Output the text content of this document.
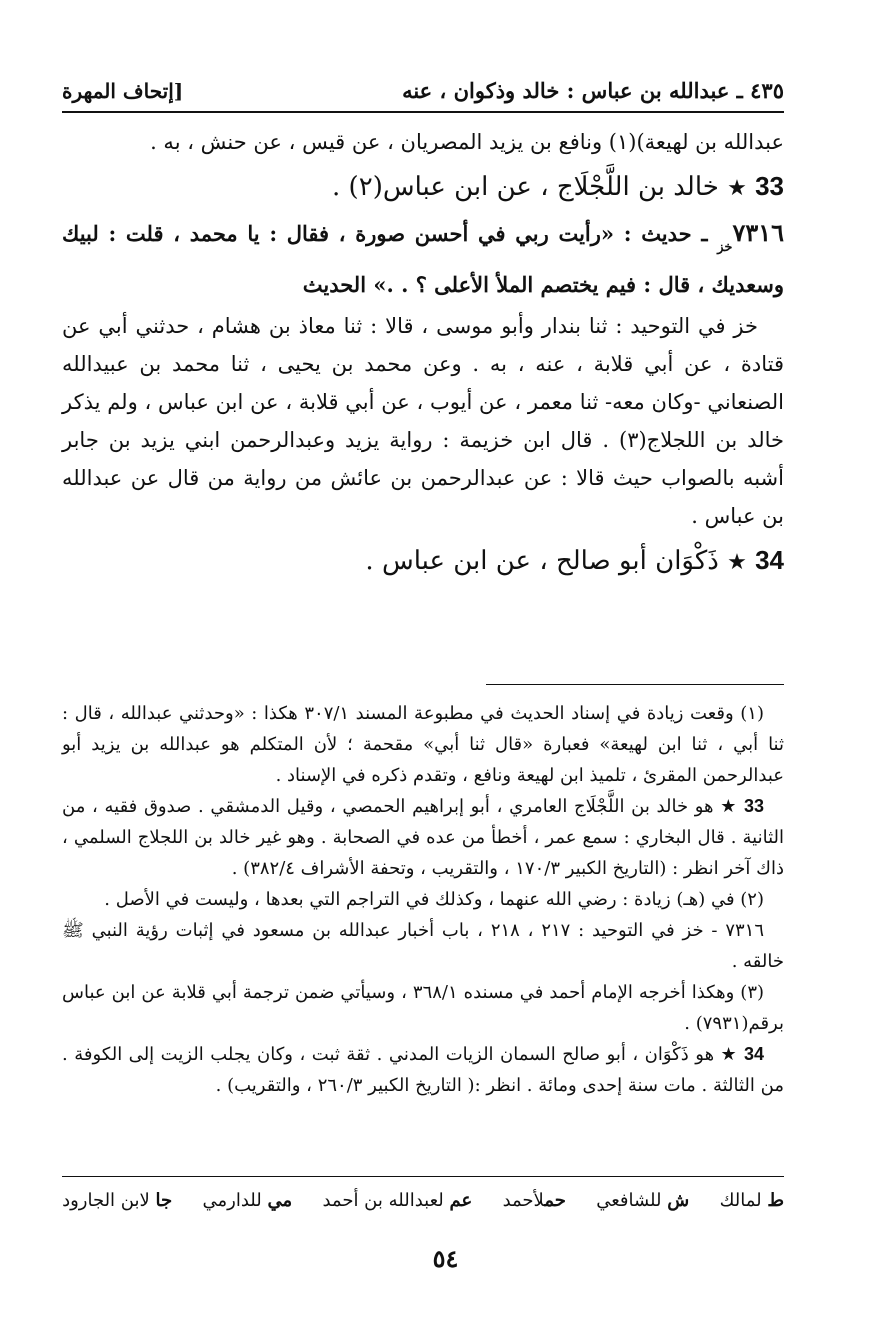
٤٣٥ ـ عبدالله بن عباس : خالد وذكوان ، عنه
[إتحاف المهرة

عبدالله بن لهيعة)(١) ونافع بن يزيد المصريان ، عن قيس ، عن حنش ، به .

33 ★ خالد بن اللَّجْلَاج ، عن ابن عباس(٢) .

$٧٣١٦_{خز}$ ـ حديث : «رأيت ربي في أحسن صورة ، فقال : يا محمد ، قلت : لبيك وسعديك ، قال : فيم يختصم الملأ الأعلى ؟ . .» الحديث

خز في التوحيد : ثنا بندار وأبو موسى ، قالا : ثنا معاذ بن هشام ، حدثني أبي عن قتادة ، عن أبي قلابة ، عنه ، به . وعن محمد بن يحيى ، ثنا محمد بن عبيدالله الصنعاني -وكان معه- ثنا معمر ، عن أيوب ، عن أبي قلابة ، عن ابن عباس ، ولم يذكر خالد بن اللجلاج(٣) . قال ابن خزيمة : رواية يزيد وعبدالرحمن ابني يزيد بن جابر أشبه بالصواب حيث قالا : عن عبدالرحمن بن عائش من رواية من قال عن عبدالله بن عباس .

34 ★ ذَكْوَان أبو صالح ، عن ابن عباس .

(١) وقعت زيادة في إسناد الحديث في مطبوعة المسند ٣٠٧/١ هكذا : «وحدثني عبدالله ، قال : ثنا أبي ، ثنا ابن لهيعة» فعبارة «قال ثنا أبي» مقحمة ؛ لأن المتكلم هو عبدالله بن يزيد أبو عبدالرحمن المقرئ ، تلميذ ابن لهيعة ونافع ، وتقدم ذكره في الإسناد .

33 ★ هو خالد بن اللَّجْلَاج العامري ، أبو إبراهيم الحمصي ، وقيل الدمشقي . صدوق فقيه ، من الثانية . قال البخاري : سمع عمر ، أخطأ من عده في الصحابة . وهو غير خالد بن اللجلاج السلمي ، ذاك آخر انظر : (التاريخ الكبير ١٧٠/٣ ، والتقريب ، وتحفة الأشراف ٣٨٢/٤) .

(٢) في (هـ) زيادة : رضي الله عنهما ، وكذلك في التراجم التي بعدها ، وليست في الأصل .

٧٣١٦ - خز في التوحيد : ٢١٧ ، ٢١٨ ، باب أخبار عبدالله بن مسعود في إثبات رؤية النبي ﷺ خالقه .

(٣) وهكذا أخرجه الإمام أحمد في مسنده ٣٦٨/١ ، وسيأتي ضمن ترجمة أبي قلابة عن ابن عباس برقم(٧٩٣١) .

34 ★ هو ذَكْوَان ، أبو صالح السمان الزيات المدني . ثقة ثبت ، وكان يجلب الزيت إلى الكوفة . من الثالثة . مات سنة إحدى ومائة . انظر :( التاريخ الكبير ٢٦٠/٣ ، والتقريب) .

ط لمالك
ش للشافعي
حملأحمد
عم لعبدالله بن أحمد
مي للدارمي
جا لابن الجارود
٥٤
